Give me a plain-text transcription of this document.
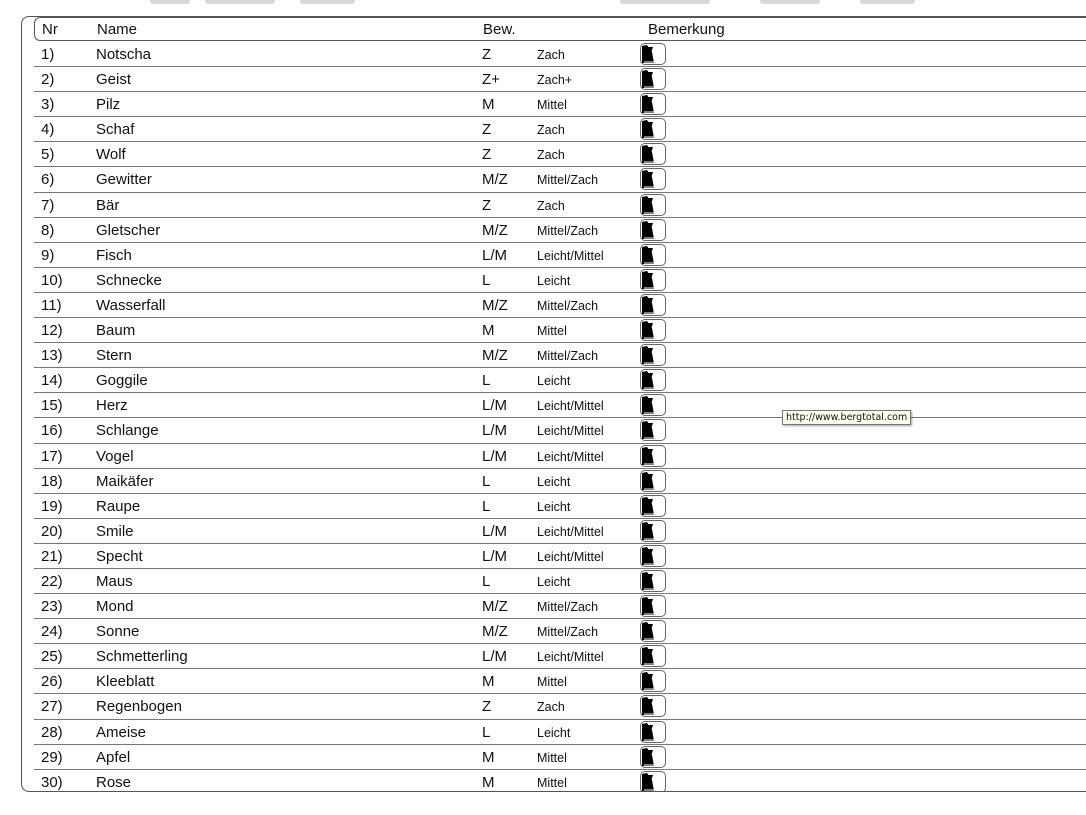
Nr	Name	Bew.	Bemerkung
1)	Notscha	Z	Zach
2)	Geist	Z+	Zach+
3)	Pilz	M	Mittel
4)	Schaf	Z	Zach
5)	Wolf	Z	Zach
6)	Gewitter	M/Z Mittel/Zach
7)	Bär	Z	Zach
8)	Gletscher	M/Z Mittel/Zach
9)	Fisch	L/M Leicht/Mittel
10) Schnecke	L	Leicht
11) Wasserfall	M/Z Mittel/Zach
12) Baum	M	Mittel
13) Stern	M/Z Mittel/Zach
14) Goggile	L	Leicht
15) Herz	L/M Leicht/Mittel
16) Schlange	L/M Leicht/Mittel
17) Vogel	L/M Leicht/Mittel
18) Maikäfer	L	Leicht
19) Raupe	L	Leicht
20) Smile	L/M Leicht/Mittel
21) Specht	L/M Leicht/Mittel
22) Maus	L	Leicht
23) Mond	M/Z Mittel/Zach
24) Sonne	M/Z Mittel/Zach
25) Schmetterling	L/M Leicht/Mittel
26) Kleeblatt	M	Mittel
27) Regenbogen	Z	Zach
28) Ameise	L	Leicht
29) Apfel	M	Mittel
30) Rose	M	Mittel
http://www.bergtotal.com
